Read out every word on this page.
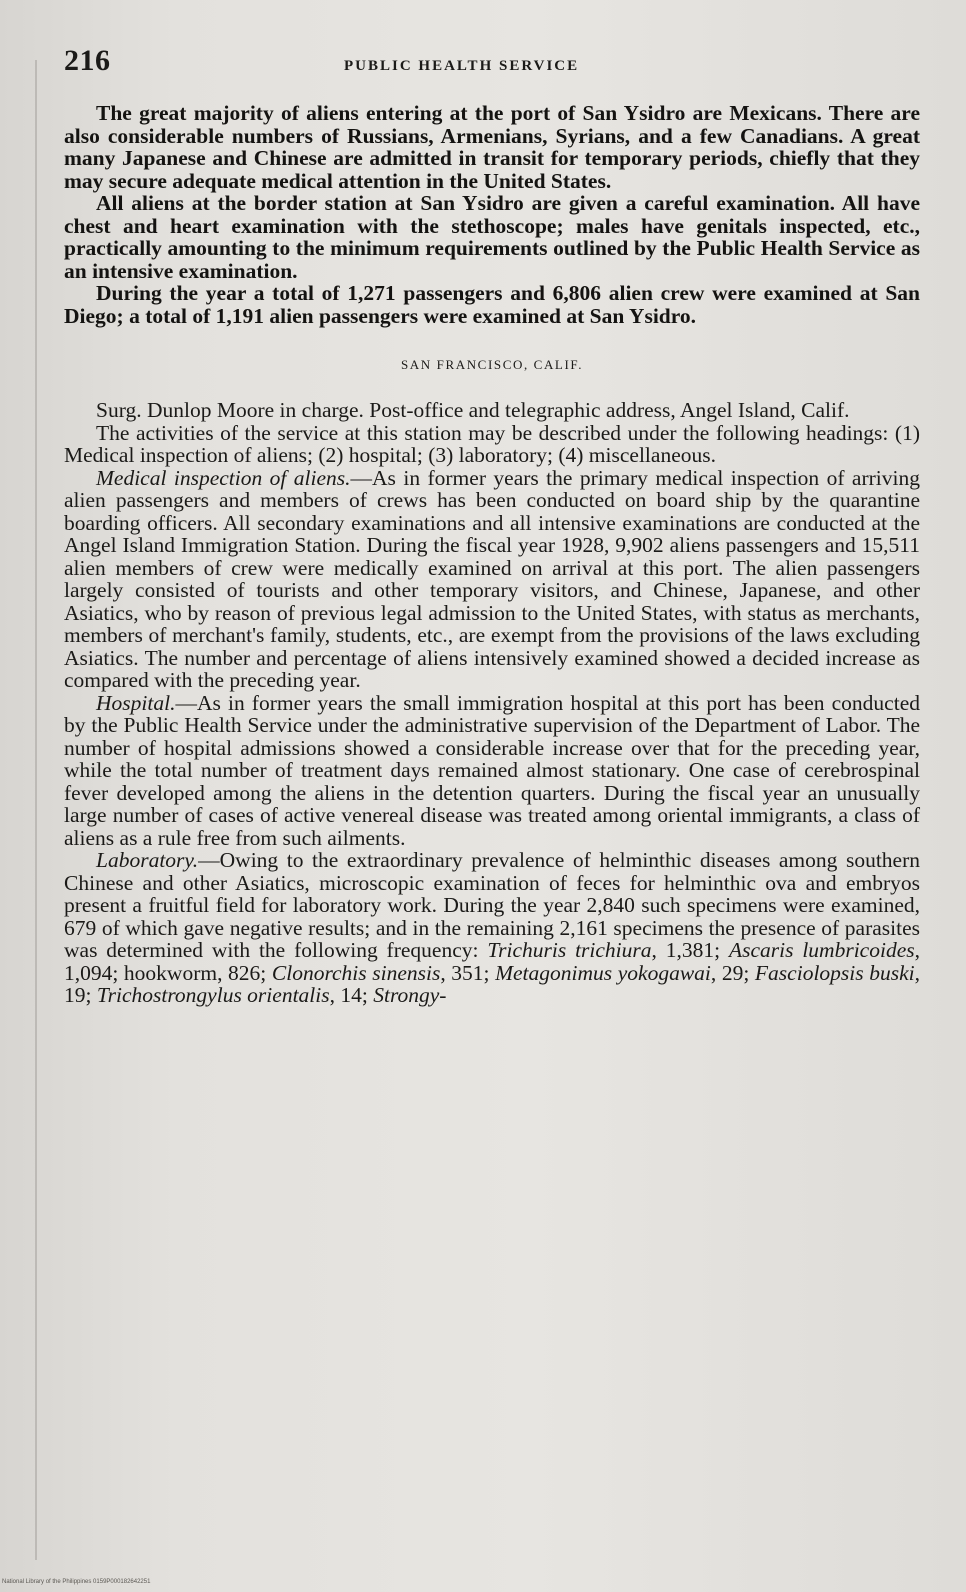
216	PUBLIC HEALTH SERVICE

The great majority of aliens entering at the port of San Ysidro are Mexicans. There are also considerable numbers of Russians, Armenians, Syrians, and a few Canadians. A great many Japanese and Chinese are admitted in transit for temporary periods, chiefly that they may secure adequate medical attention in the United States.

All aliens at the border station at San Ysidro are given a careful examination. All have chest and heart examination with the stethoscope; males have genitals inspected, etc., practically amounting to the minimum requirements outlined by the Public Health Service as an intensive examination.

During the year a total of 1,271 passengers and 6,806 alien crew were examined at San Diego; a total of 1,191 alien passengers were examined at San Ysidro.

SAN FRANCISCO, CALIF.

Surg. Dunlop Moore in charge. Post-office and telegraphic address, Angel Island, Calif.

The activities of the service at this station may be described under the following headings: (1) Medical inspection of aliens; (2) hospital; (3) laboratory; (4) miscellaneous.

Medical inspection of aliens.—As in former years the primary medical inspection of arriving alien passengers and members of crews has been conducted on board ship by the quarantine boarding officers. All secondary examinations and all intensive examinations are conducted at the Angel Island Immigration Station. During the fiscal year 1928, 9,902 aliens passengers and 15,511 alien members of crew were medically examined on arrival at this port. The alien passengers largely consisted of tourists and other temporary visitors, and Chinese, Japanese, and other Asiatics, who by reason of previous legal admission to the United States, with status as merchants, members of merchant's family, students, etc., are exempt from the provisions of the laws excluding Asiatics. The number and percentage of aliens intensively examined showed a decided increase as compared with the preceding year.

Hospital.—As in former years the small immigration hospital at this port has been conducted by the Public Health Service under the administrative supervision of the Department of Labor. The number of hospital admissions showed a considerable increase over that for the preceding year, while the total number of treatment days remained almost stationary. One case of cerebrospinal fever developed among the aliens in the detention quarters. During the fiscal year an unusually large number of cases of active venereal disease was treated among oriental immigrants, a class of aliens as a rule free from such ailments.

Laboratory.—Owing to the extraordinary prevalence of helminthic diseases among southern Chinese and other Asiatics, microscopic examination of feces for helminthic ova and embryos present a fruitful field for laboratory work. During the year 2,840 such specimens were examined, 679 of which gave negative results; and in the remaining 2,161 specimens the presence of parasites was determined with the following frequency: Trichuris trichiura, 1,381; Ascaris lumbricoides, 1,094; hookworm, 826; Clonorchis sinensis, 351; Metagonimus yokogawai, 29; Fasciolopsis buski, 19; Trichostrongylus orientalis, 14; Strongy-

National Library of the Philippines 0159P000182642251
